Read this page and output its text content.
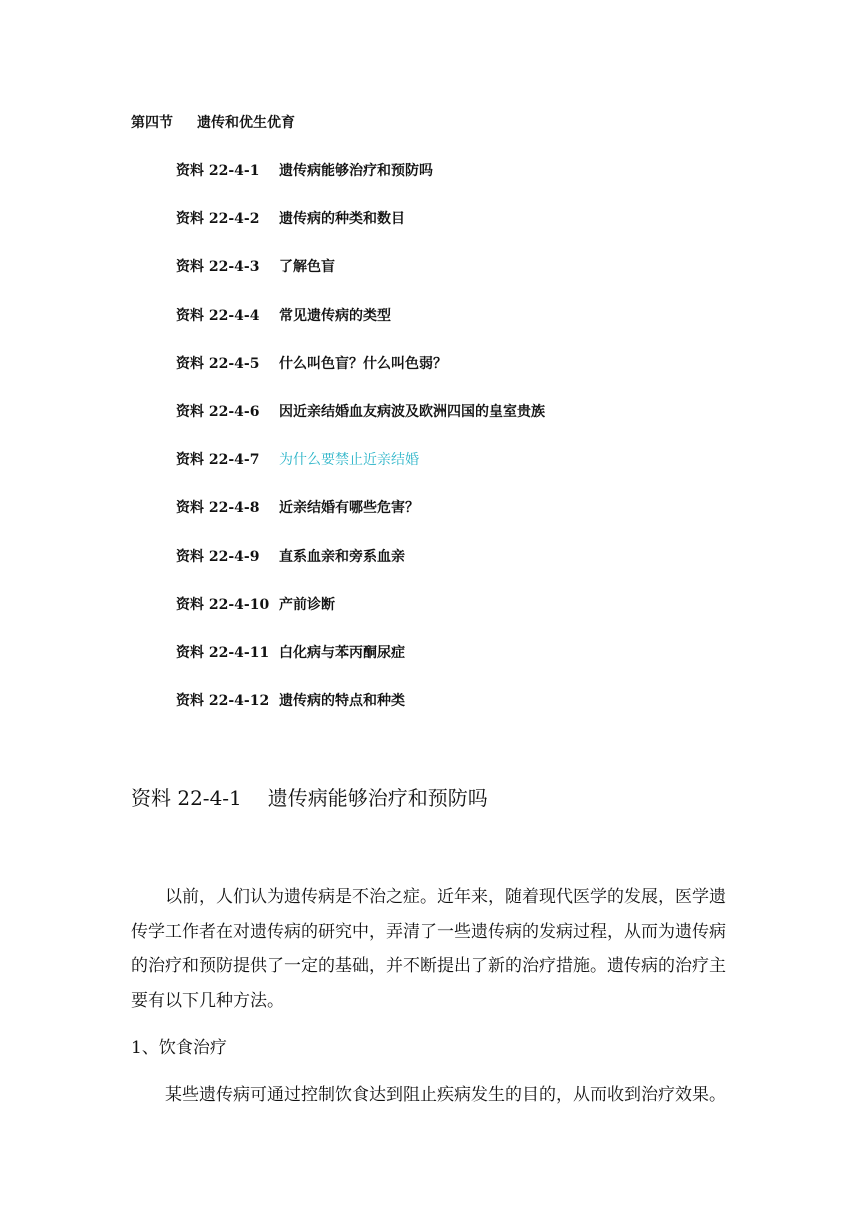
第四节 遗传和优生优育
资料 22-4-1 遗传病能够治疗和预防吗
资料 22-4-2 遗传病的种类和数目
资料 22-4-3 了解色盲
资料 22-4-4 常见遗传病的类型
资料 22-4-5 什么叫色盲？什么叫色弱？
资料 22-4-6 因近亲结婚血友病波及欧洲四国的皇室贵族
资料 22-4-7 为什么要禁止近亲结婚
资料 22-4-8 近亲结婚有哪些危害？
资料 22-4-9 直系血亲和旁系血亲
资料 22-4-10 产前诊断
资料 22-4-11 白化病与苯丙酮尿症
资料 22-4-12 遗传病的特点和种类
资料 22-4-1 遗传病能够治疗和预防吗

以前，人们认为遗传病是不治之症。近年来，随着现代医学的发展，医学遗传学工作者在对遗传病的研究中，弄清了一些遗传病的发病过程，从而为遗传病的治疗和预防提供了一定的基础，并不断提出了新的治疗措施。遗传病的治疗主要有以下几种方法。

1、饮食治疗

某些遗传病可通过控制饮食达到阻止疾病发生的目的，从而收到治疗效果。
